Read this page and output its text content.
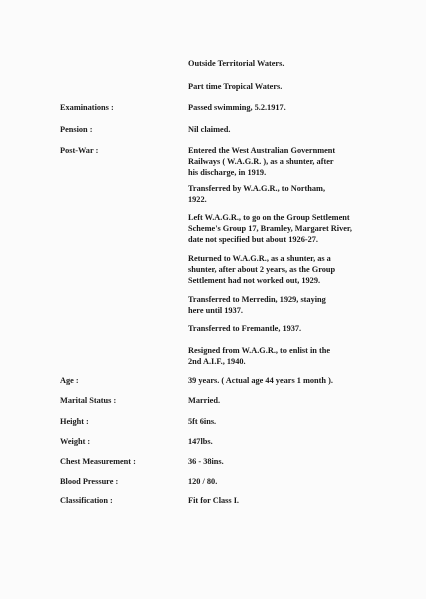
Outside Territorial Waters.
Part time Tropical Waters.
Examinations :	Passed swimming, 5.2.1917.
Pension :	Nil claimed.
Post-War :	Entered the West Australian Government
Railways ( W.A.G.R. ), as a shunter, after
his discharge, in 1919.
Transferred by W.A.G.R., to Northam,
1922.
Left W.A.G.R., to go on the Group Settlement
Scheme's Group 17, Bramley, Margaret River,
date not specified but about 1926-27.
Returned to W.A.G.R., as a shunter, as a
shunter, after about 2 years, as the Group
Settlement had not worked out, 1929.
Transferred to Merredin, 1929, staying
here until 1937.
Transferred to Fremantle, 1937.
Resigned from W.A.G.R., to enlist in the
2nd A.I.F., 1940.
Age :	39 years. ( Actual age 44 years 1 month ).
Marital Status :	Married.
Height :	5ft 6ins.
Weight :	147lbs.
Chest Measurement :	36 - 38ins.
Blood Pressure :	120 / 80.
Classification :	Fit for Class I.
